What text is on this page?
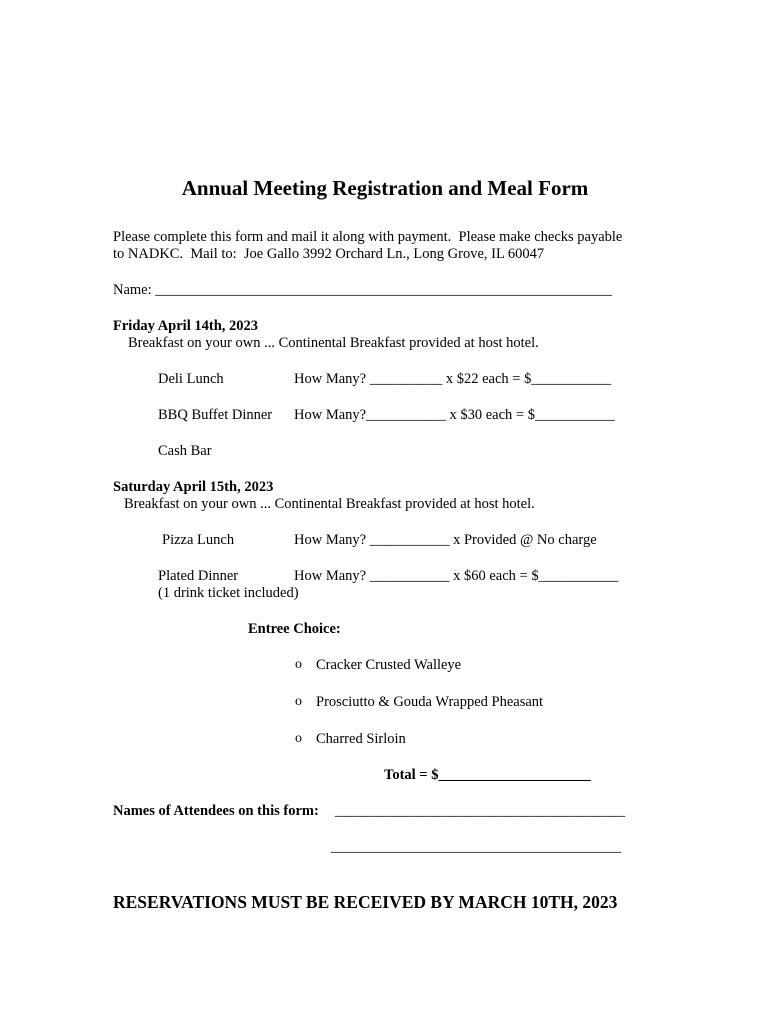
Annual Meeting Registration and Meal Form
Please complete this form and mail it along with payment.  Please make checks payable
to NADKC.  Mail to:  Joe Gallo 3992 Orchard Ln., Long Grove, IL 60047
Name: _______________________________________________________________
Friday April 14th, 2023
Breakfast on your own ... Continental Breakfast provided at host hotel.
Deli Lunch	How Many? __________ x $22 each = $___________
BBQ Buffet Dinner How Many?___________ x $30 each = $___________
Cash Bar
Saturday April 15th, 2023
Breakfast on your own ... Continental Breakfast provided at host hotel.
Pizza Lunch	How Many? ___________ x Provided @ No charge
Plated Dinner	How Many? ___________ x $60 each = $___________
(1 drink ticket included)
Entree Choice:
o Cracker Crusted Walleye
o Prosciutto & Gouda Wrapped Pheasant
o Charred Sirloin
Total = $_____________________
Names of Attendees on this form: ________________________________________
________________________________________
RESERVATIONS MUST BE RECEIVED BY MARCH 10TH, 2023
